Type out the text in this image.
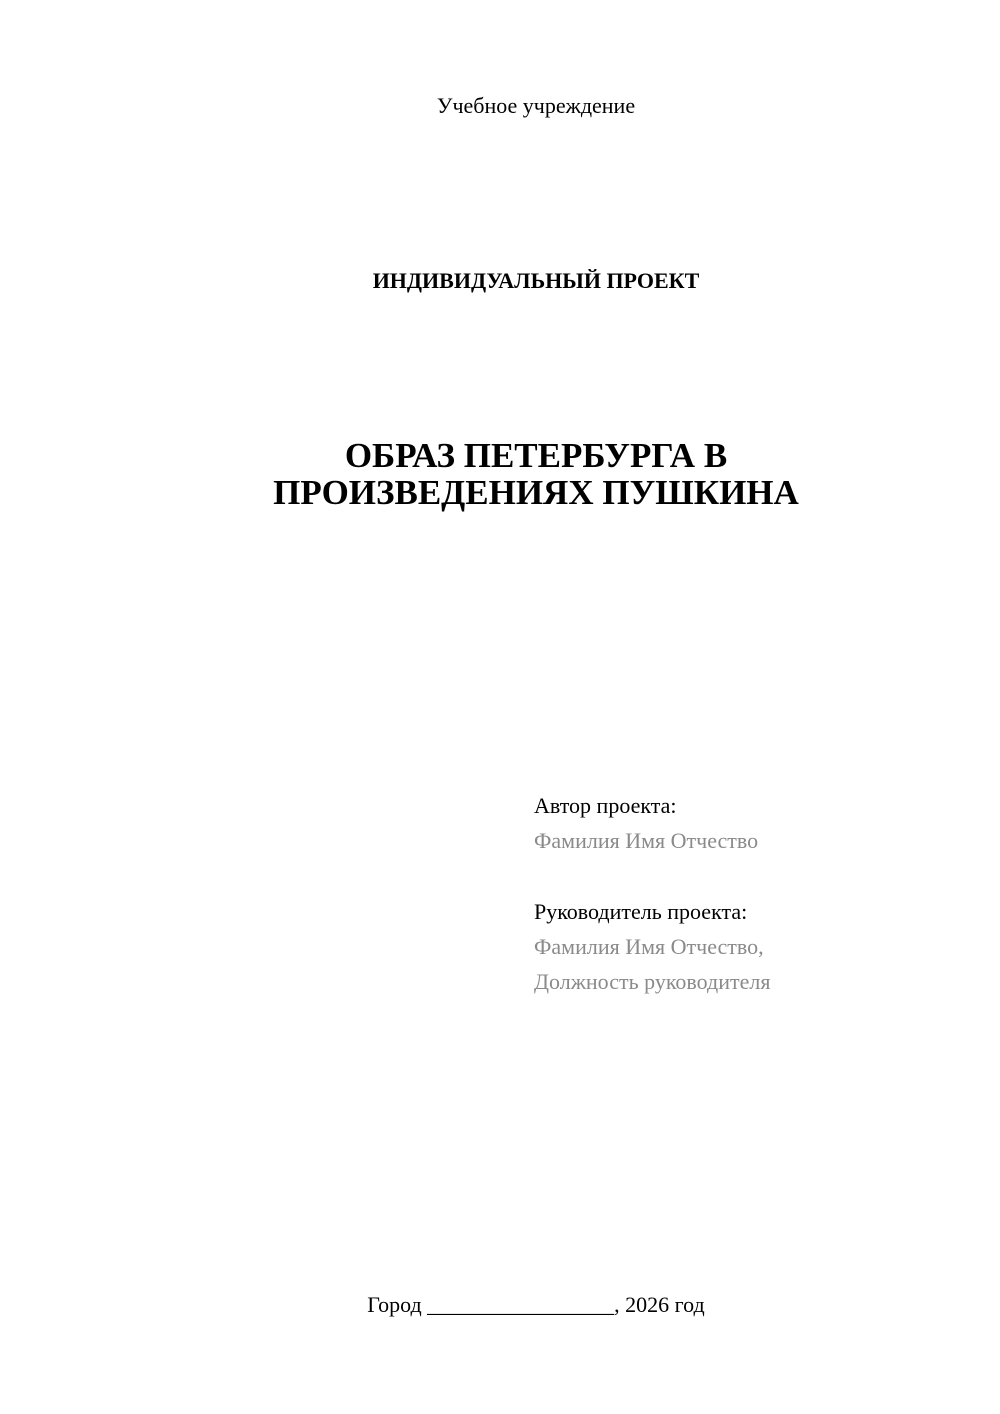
Учебное учреждение
ИНДИВИДУАЛЬНЫЙ ПРОЕКТ
ОБРАЗ ПЕТЕРБУРГА В
ПРОИЗВЕДЕНИЯХ ПУШКИНА
Автор проекта:
Фамилия Имя Отчество
Руководитель проекта:
Фамилия Имя Отчество,
Должность руководителя
Город _________________, 2026 год
